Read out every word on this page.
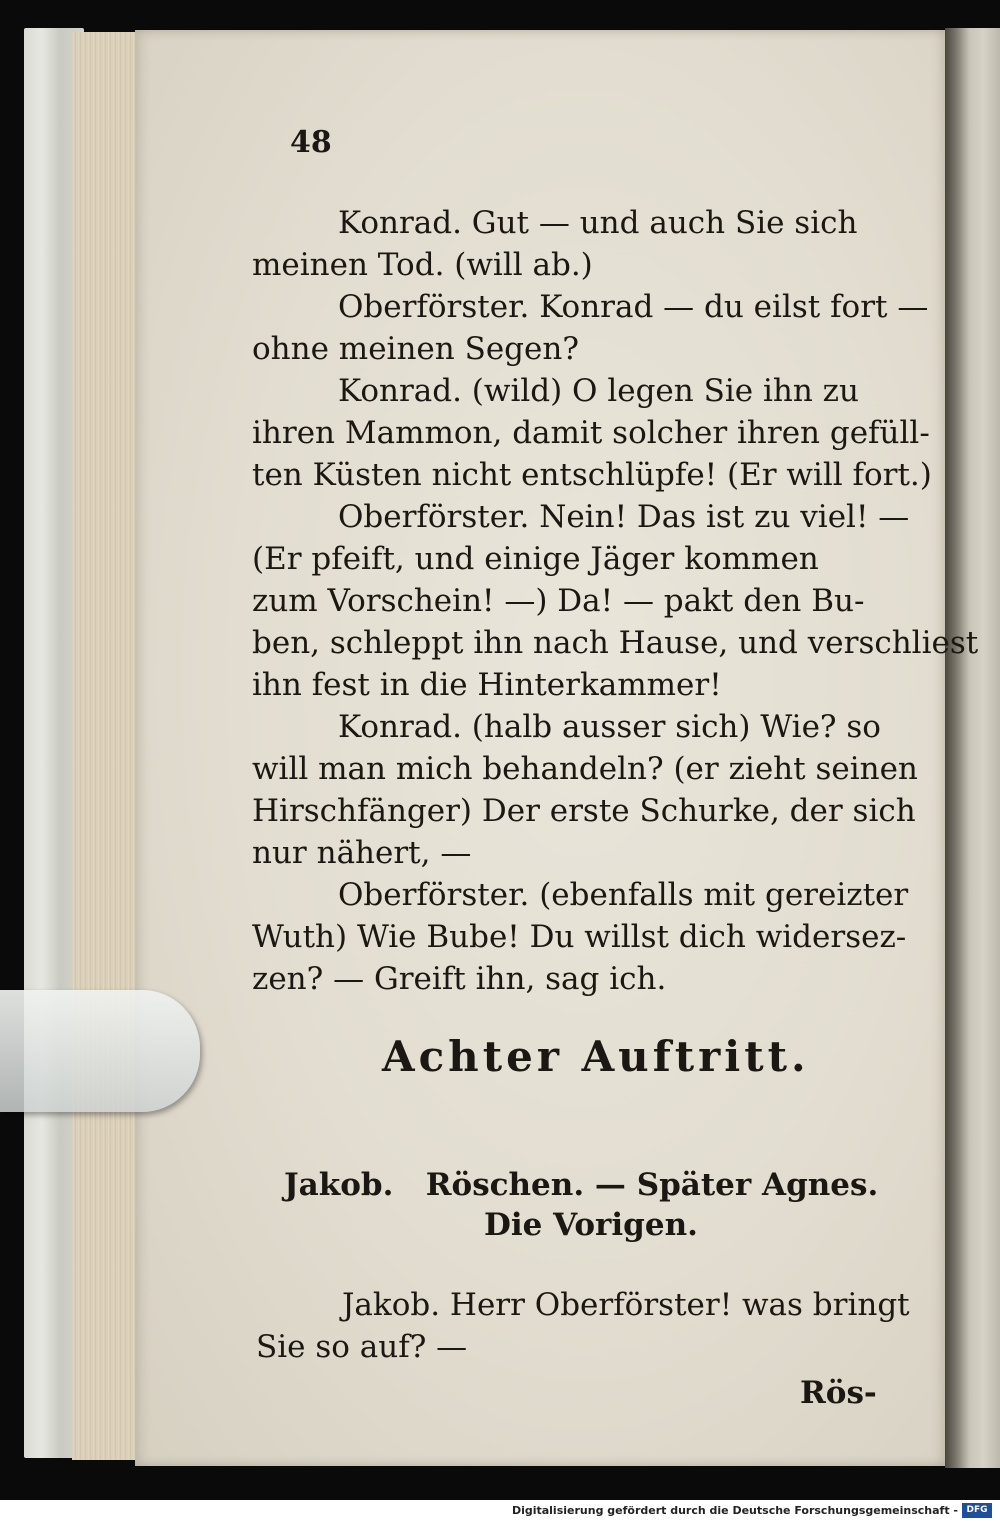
48
Konrad. Gut — und auch Sie sich
meinen Tod. (will ab.)
Oberförster. Konrad — du eilst fort —
ohne meinen Segen?
Konrad. (wild) O legen Sie ihn zu
ihren Mammon, damit solcher ihren gefüll-
ten Küsten nicht entschlüpfe! (Er will fort.)
Oberförster. Nein! Das ist zu viel! —
(Er pfeift, und einige Jäger kommen
zum Vorschein! —) Da! — pakt den Bu-
ben, schleppt ihn nach Hause, und verschliest
ihn fest in die Hinterkammer!
Konrad. (halb ausser sich) Wie? so
will man mich behandeln? (er zieht seinen
Hirschfänger) Der erste Schurke, der sich
nur nähert, —
Oberförster. (ebenfalls mit gereizter
Wuth) Wie Bube! Du willst dich widersez-
zen? — Greift ihn, sag ich.
Achter Auftritt.
Jakob.   Röschen. — Später Agnes.
Die Vorigen.
Jakob. Herr Oberförster! was bringt
Sie so auf? —
Rös-
Digitalisierung gefördert durch die Deutsche Forschungsgemeinschaft - DFG
